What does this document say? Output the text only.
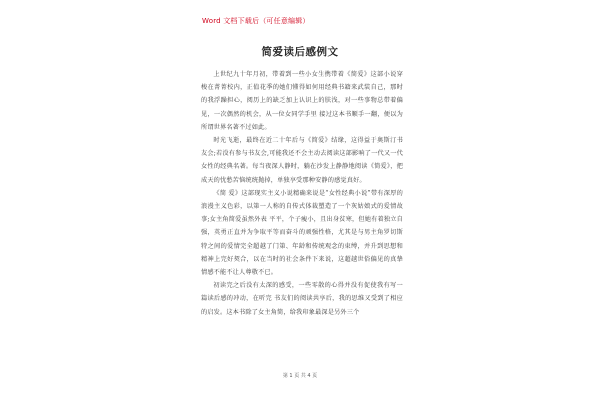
Word 文档下载后（可任意编辑）
简爱读后感例文

上世纪九十年月初，带着到一些小女生携带着《简爱》这部小说穿梭在菁菁校内，正值花季的她们懂得如何用经典书籍来武装自己，那时的我浮躁担心，阅历上的缺乏加上认识上的肤浅，对一些事物总带着偏见，一次偶然的机会，从一位女同学手里 接过这本书顺手一翻，便以为所谓世界名著不过如此。

时光飞逝，最终在近二十年后与《简爱》结缘，这得益于奥斯汀书友会;若没有参与书友会,可能我还不会主动去阅读这部影响了一代又一代女性的经典名著。每当夜深人静时，躺在沙发上静静地阅读《简爱》，把成天的忧愁苦恼统统抛掉，单独享受那种安静的感觉真好。

《简 爱》这部现实主义小说精确来说是“女性经典小说”带有深厚的浪漫主义色彩，以第一人称的自传式体裁塑造了一个灰姑娘式的爱情故事;女主角简爱虽然外表 平平，个子瘦小，且出身贫寒，但她有着独立自强，英勇正直并为争取平等而奋斗的顽强性格，尤其是与男主角罗切斯特之间的爱情完全超越了门第、年龄和传统观念的束缚，并升到思想和精神上完好契合，以在当时的社会条件下来说，这超越世俗偏见的真挚情感不能不让人尊敬不已。

初读完之后没有太深的感受，一些零散的心得并没有促使我有写一篇读后感的冲动，在听完 书友们的阅读共享后，我的思维又受到了相应的启发。这本书除了女主角简，给我印象最深是另外三个

第 1 页 共 4 页
